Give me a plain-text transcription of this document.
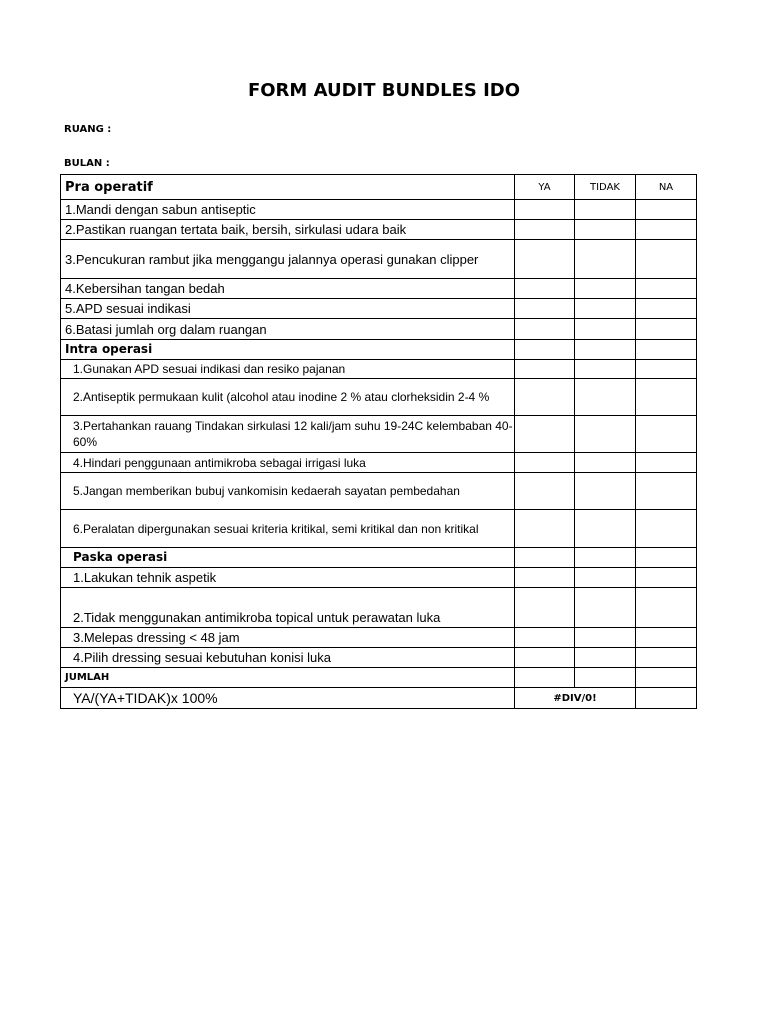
FORM AUDIT BUNDLES IDO
RUANG :
BULAN :
Pra operatif	YA	TIDAK	NA
1.Mandi dengan sabun antiseptic			
2.Pastikan ruangan tertata baik, bersih, sirkulasi udara baik			
3.Pencukuran rambut jika menggangu jalannya operasi gunakan clipper			
4.Kebersihan tangan bedah			
5.APD sesuai indikasi			
6.Batasi jumlah org dalam ruangan			
Intra operasi			
1.Gunakan APD sesuai indikasi dan resiko pajanan			
2.Antiseptik permukaan kulit (alcohol atau inodine 2 % atau clorheksidin 2-4 %			
3.Pertahankan rauang Tindakan sirkulasi 12 kali/jam suhu 19-24C kelembaban 40-60%			
4.Hindari penggunaan antimikroba sebagai irrigasi luka			
5.Jangan memberikan bubuj vankomisin kedaerah sayatan pembedahan			
6.Peralatan dipergunakan sesuai kriteria kritikal, semi kritikal dan non kritikal			
Paska operasi			
1.Lakukan tehnik aspetik			
2.Tidak menggunakan antimikroba topical untuk perawatan luka			
3.Melepas dressing < 48 jam			
4.Pilih dressing sesuai kebutuhan konisi luka			
JUMLAH			
YA/(YA+TIDAK)x 100%	#DIV/0!		
